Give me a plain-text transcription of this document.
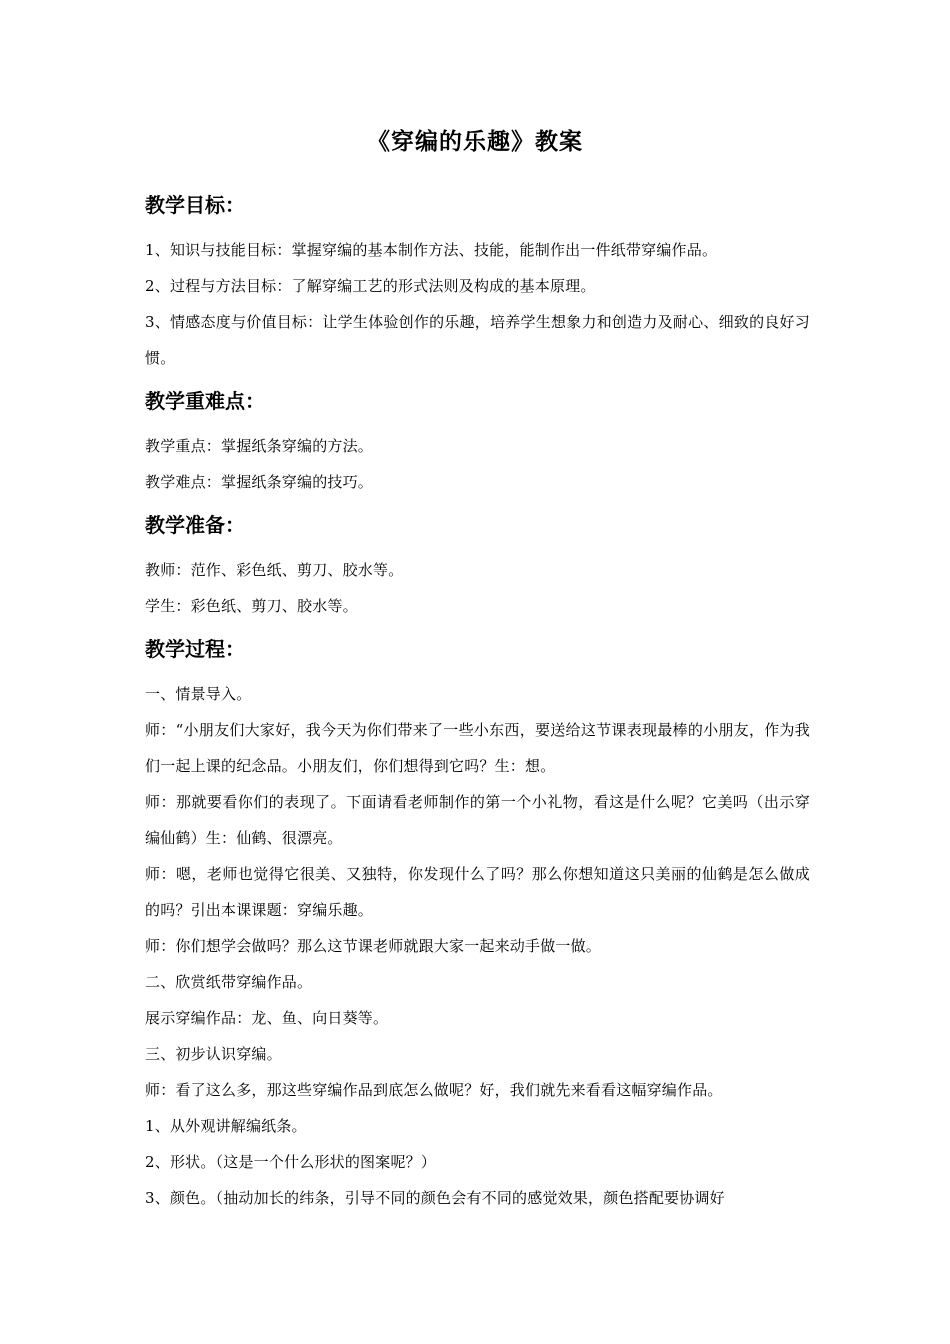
《穿编的乐趣》教案
教学目标：

1、知识与技能目标：掌握穿编的基本制作方法、技能，能制作出一件纸带穿编作品。

2、过程与方法目标：了解穿编工艺的形式法则及构成的基本原理。

3、情感态度与价值目标：让学生体验创作的乐趣，培养学生想象力和创造力及耐心、细致的良好习惯。

教学重难点：

教学重点：掌握纸条穿编的方法。

教学难点：掌握纸条穿编的技巧。

教学准备：

教师：范作、彩色纸、剪刀、胶水等。

学生：彩色纸、剪刀、胶水等。

教学过程：

一、情景导入。

师：“小朋友们大家好，我今天为你们带来了一些小东西，要送给这节课表现最棒的小朋友，作为我们一起上课的纪念品。小朋友们，你们想得到它吗？生：想。

师：那就要看你们的表现了。下面请看老师制作的第一个小礼物，看这是什么呢？它美吗（出示穿编仙鹤）生：仙鹤、很漂亮。

师：嗯，老师也觉得它很美、又独特，你发现什么了吗？那么你想知道这只美丽的仙鹤是怎么做成的吗？引出本课课题：穿编乐趣。

师：你们想学会做吗？那么这节课老师就跟大家一起来动手做一做。

二、欣赏纸带穿编作品。

展示穿编作品：龙、鱼、向日葵等。

三、初步认识穿编。

师：看了这么多，那这些穿编作品到底怎么做呢？好，我们就先来看看这幅穿编作品。

1、从外观讲解编纸条。

2、形状。（这是一个什么形状的图案呢？）

3、颜色。（抽动加长的纬条，引导不同的颜色会有不同的感觉效果，颜色搭配要协调好
